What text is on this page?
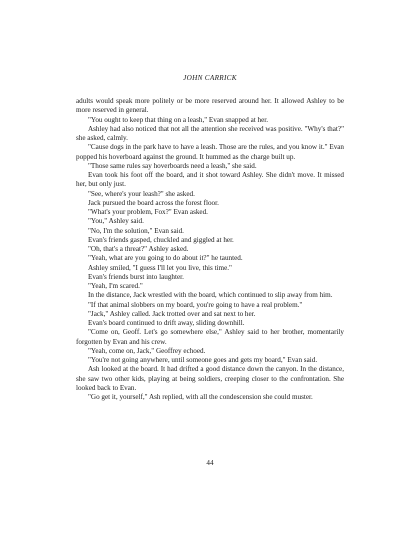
JOHN CARRICK

adults would speak more politely or be more reserved around her. It allowed Ashley to be more reserved in general.

"You ought to keep that thing on a leash," Evan snapped at her.

Ashley had also noticed that not all the attention she received was positive. "Why's that?" she asked, calmly.

"Cause dogs in the park have to have a leash. Those are the rules, and you know it." Evan popped his hoverboard against the ground. It hummed as the charge built up.

"Those same rules say hoverboards need a leash," she said.

Evan took his foot off the board, and it shot toward Ashley. She didn't move. It missed her, but only just.

"See, where's your leash?" she asked.

Jack pursued the board across the forest floor.

"What's your problem, Fox?" Evan asked.

"You," Ashley said.

"No, I'm the solution," Evan said.

Evan's friends gasped, chuckled and giggled at her.

"Oh, that's a threat?" Ashley asked.

"Yeah, what are you going to do about it?" he taunted.

Ashley smiled, "I guess I'll let you live, this time."

Evan's friends burst into laughter.

"Yeah, I'm scared."

In the distance, Jack wrestled with the board, which continued to slip away from him.

"If that animal slobbers on my board, you're going to have a real problem."

"Jack," Ashley called. Jack trotted over and sat next to her.

Evan's board continued to drift away, sliding downhill.

"Come on, Geoff. Let's go somewhere else," Ashley said to her brother, momentarily forgotten by Evan and his crew.

"Yeah, come on, Jack," Geoffrey echoed.

"You're not going anywhere, until someone goes and gets my board," Evan said.

Ash looked at the board. It had drifted a good distance down the canyon. In the distance, she saw two other kids, playing at being soldiers, creeping closer to the confrontation. She looked back to Evan.

"Go get it, yourself," Ash replied, with all the condescension she could muster.

44
